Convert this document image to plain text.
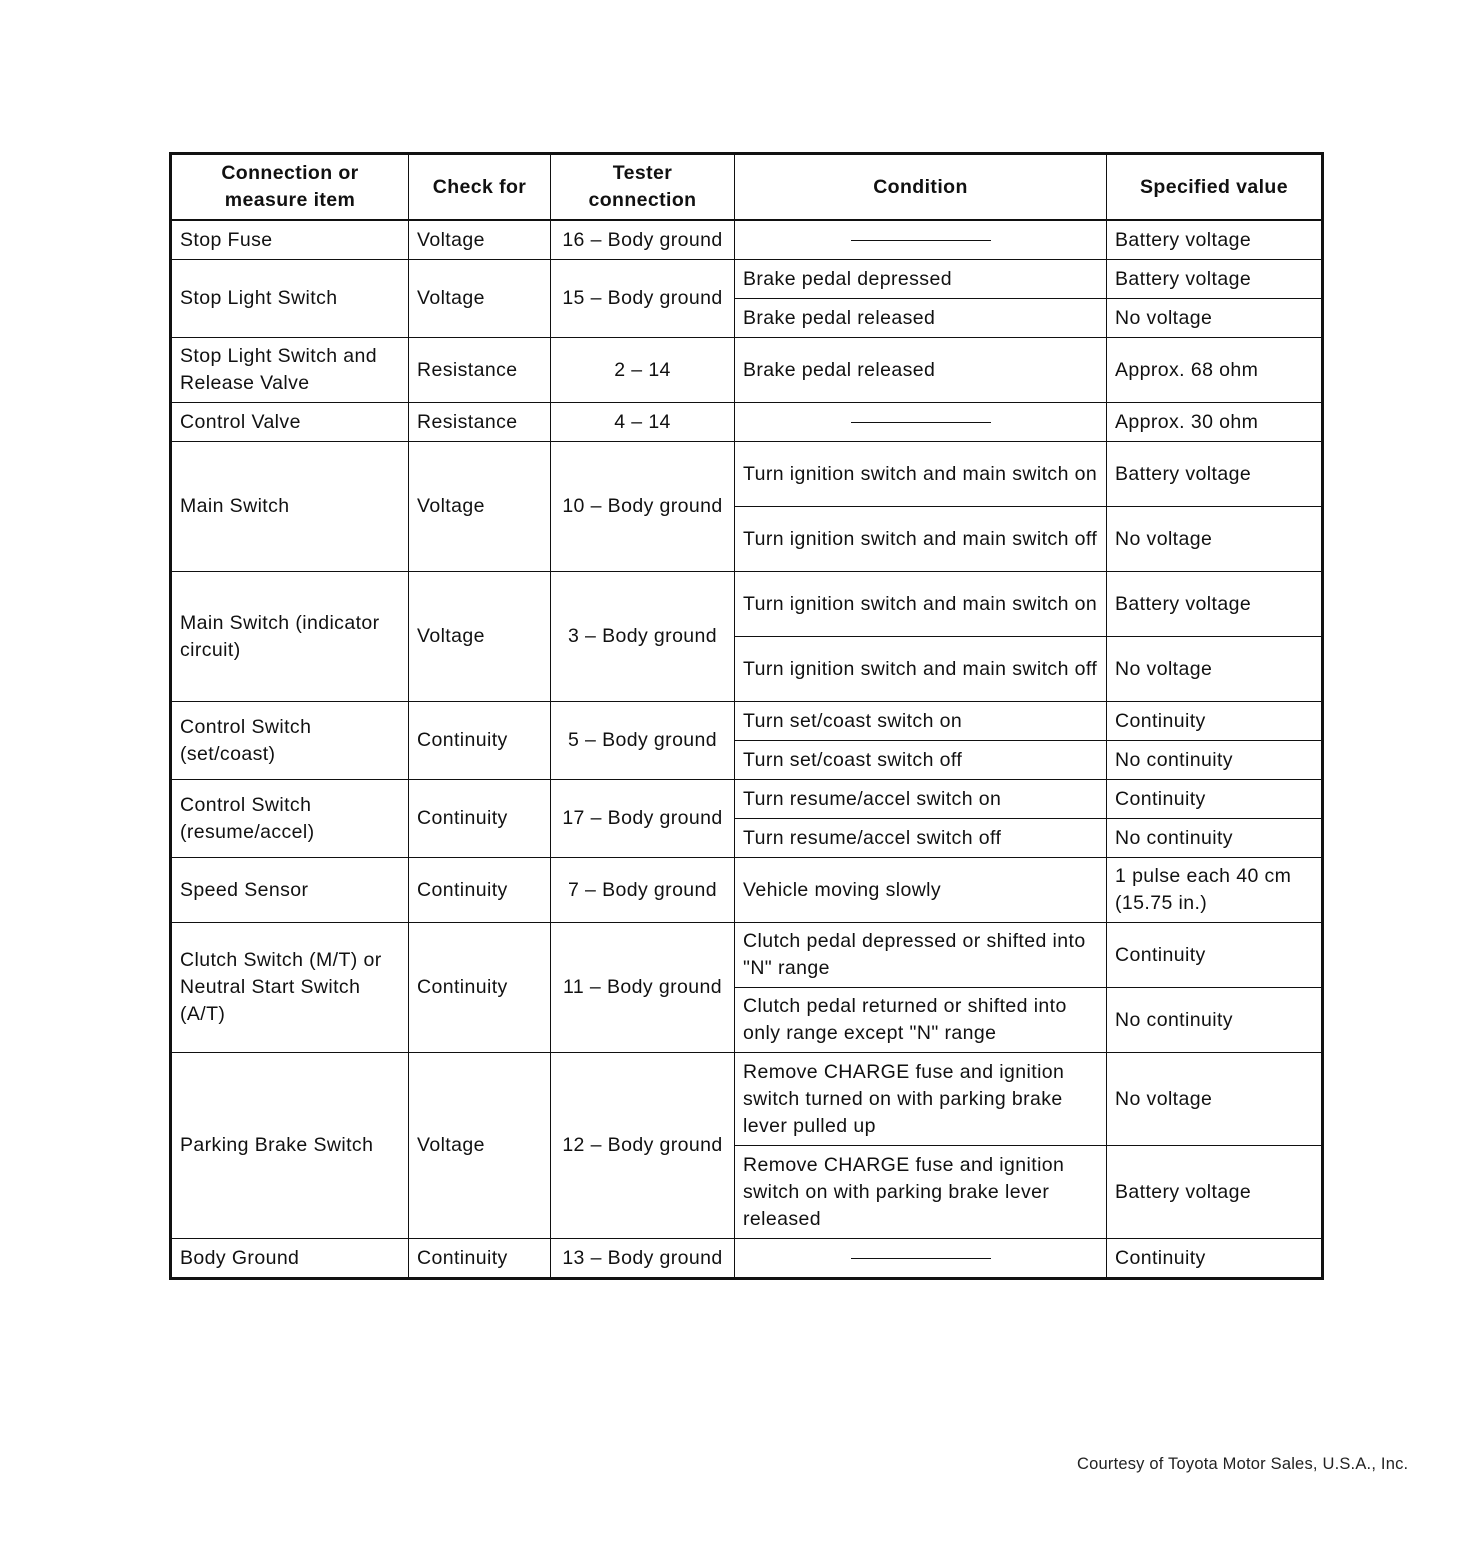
Connection or measure item	Check for	Tester connection	Condition	Specified value
Stop Fuse	Voltage	16 – Body ground		Battery voltage
Stop Light Switch	Voltage	15 – Body ground	Brake pedal depressed	Battery voltage
			Brake pedal released	No voltage
Stop Light Switch and Release Valve	Resistance	2 – 14	Brake pedal released	Approx. 68 ohm
Control Valve	Resistance	4 – 14		Approx. 30 ohm
Main Switch	Voltage	10 – Body ground	Turn ignition switch and main switch on	Battery voltage
			Turn ignition switch and main switch off	No voltage
Main Switch (indicator circuit)	Voltage	3 – Body ground	Turn ignition switch and main switch on	Battery voltage
			Turn ignition switch and main switch off	No voltage
Control Switch (set/coast)	Continuity	5 – Body ground	Turn set/coast switch on	Continuity
			Turn set/coast switch off	No continuity
Control Switch (resume/accel)	Continuity	17 – Body ground	Turn resume/accel switch on	Continuity
			Turn resume/accel switch off	No continuity
Speed Sensor	Continuity	7 – Body ground	Vehicle moving slowly	1 pulse each 40 cm (15.75 in.)
Clutch Switch (M/T) or Neutral Start Switch (A/T)	Continuity	11 – Body ground	Clutch pedal depressed or shifted into "N" range	Continuity
			Clutch pedal returned or shifted into only range except "N" range	No continuity
Parking Brake Switch	Voltage	12 – Body ground	Remove CHARGE fuse and ignition switch turned on with parking brake lever pulled up	No voltage
			Remove CHARGE fuse and ignition switch on with parking brake lever released	Battery voltage
Body Ground	Continuity	13 – Body ground		Continuity
Courtesy of Toyota Motor Sales, U.S.A., Inc.
